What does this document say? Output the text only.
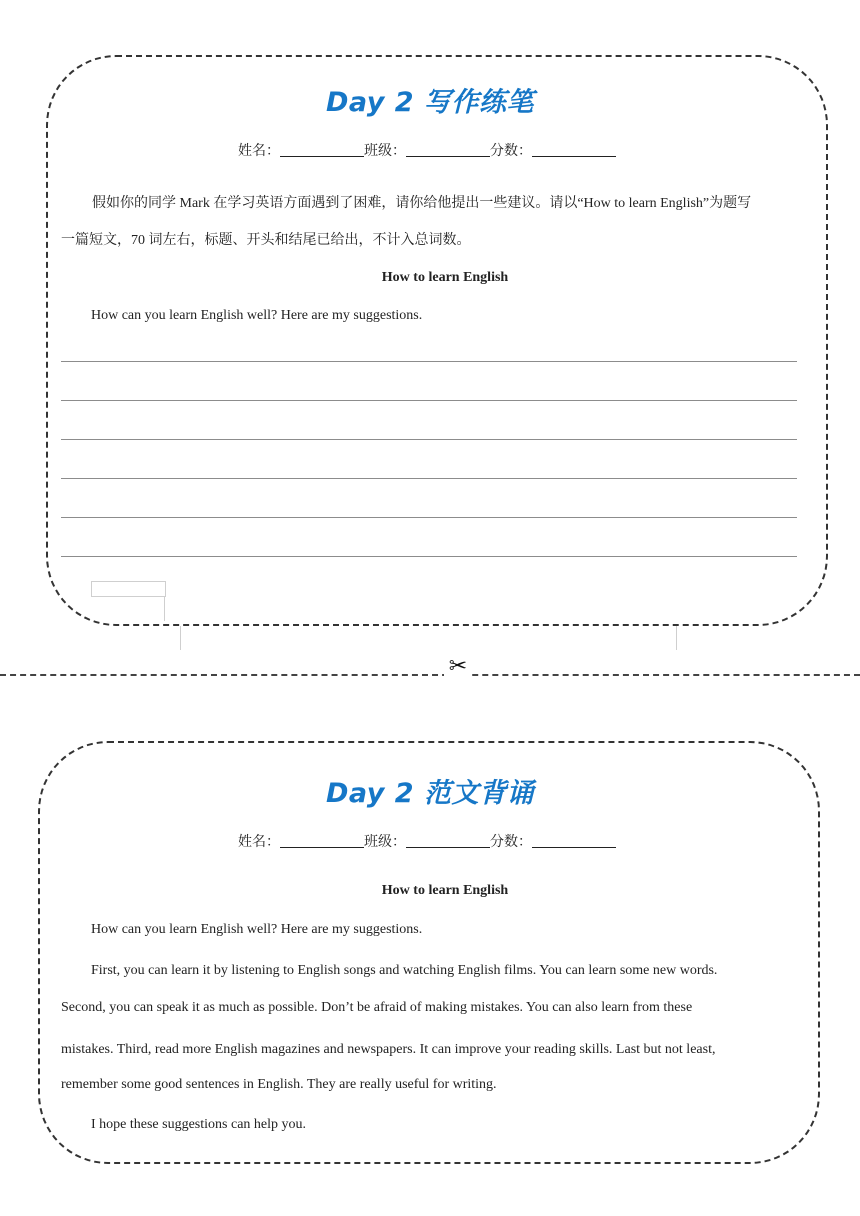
Day 2 写作练笔
姓名：	班级：	分数：
假如你的同学 Mark 在学习英语方面遇到了困难，请你给他提出一些建议。请以“How to learn English”为题写
一篇短文，70 词左右，标题、开头和结尾已给出，不计入总词数。
How to learn English
How can you learn English well? Here are my suggestions.
✂
Day 2 范文背诵
姓名：	班级：	分数：
How to learn English
How can you learn English well? Here are my suggestions.
First, you can learn it by listening to English songs and watching English films. You can learn some new words.
Second, you can speak it as much as possible. Don’t be afraid of making mistakes. You can also learn from these
mistakes. Third, read more English magazines and newspapers. It can improve your reading skills. Last but not least,
remember some good sentences in English. They are really useful for writing.
I hope these suggestions can help you.
